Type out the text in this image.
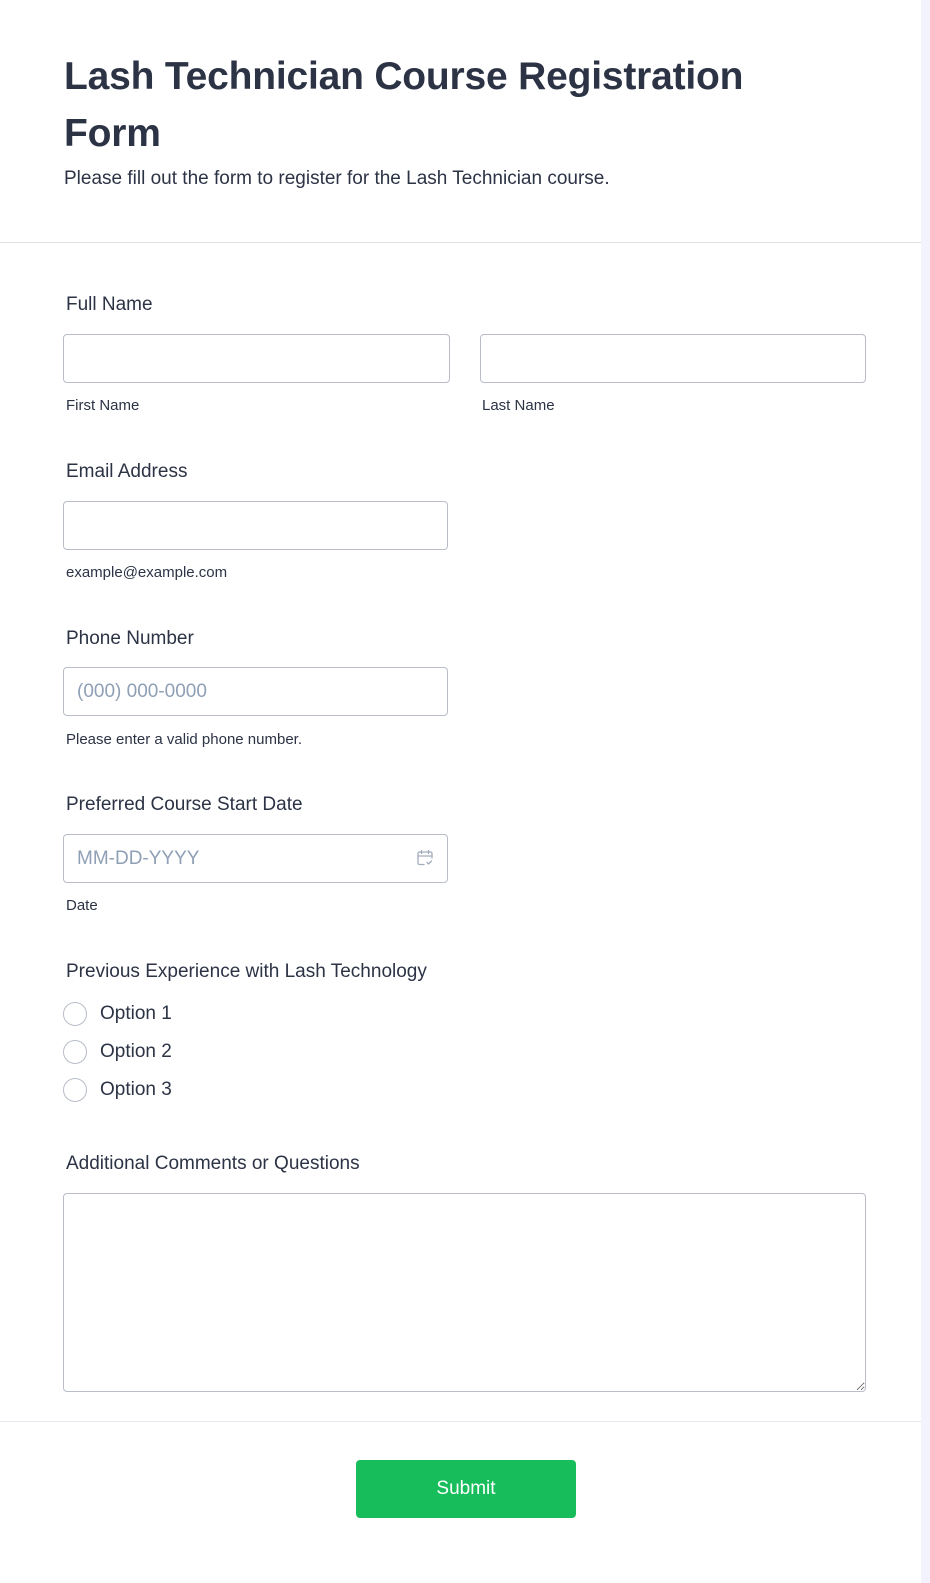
Lash Technician Course Registration Form

Please fill out the form to register for the Lash Technician course.

Full Name
First Name	Last Name
Email Address
example@example.com
Phone Number
(000) 000-0000
Please enter a valid phone number.
Preferred Course Start Date
MM-DD-YYYY
Date
Previous Experience with Lash Technology
Option 1
Option 2
Option 3
Additional Comments or Questions
Submit
